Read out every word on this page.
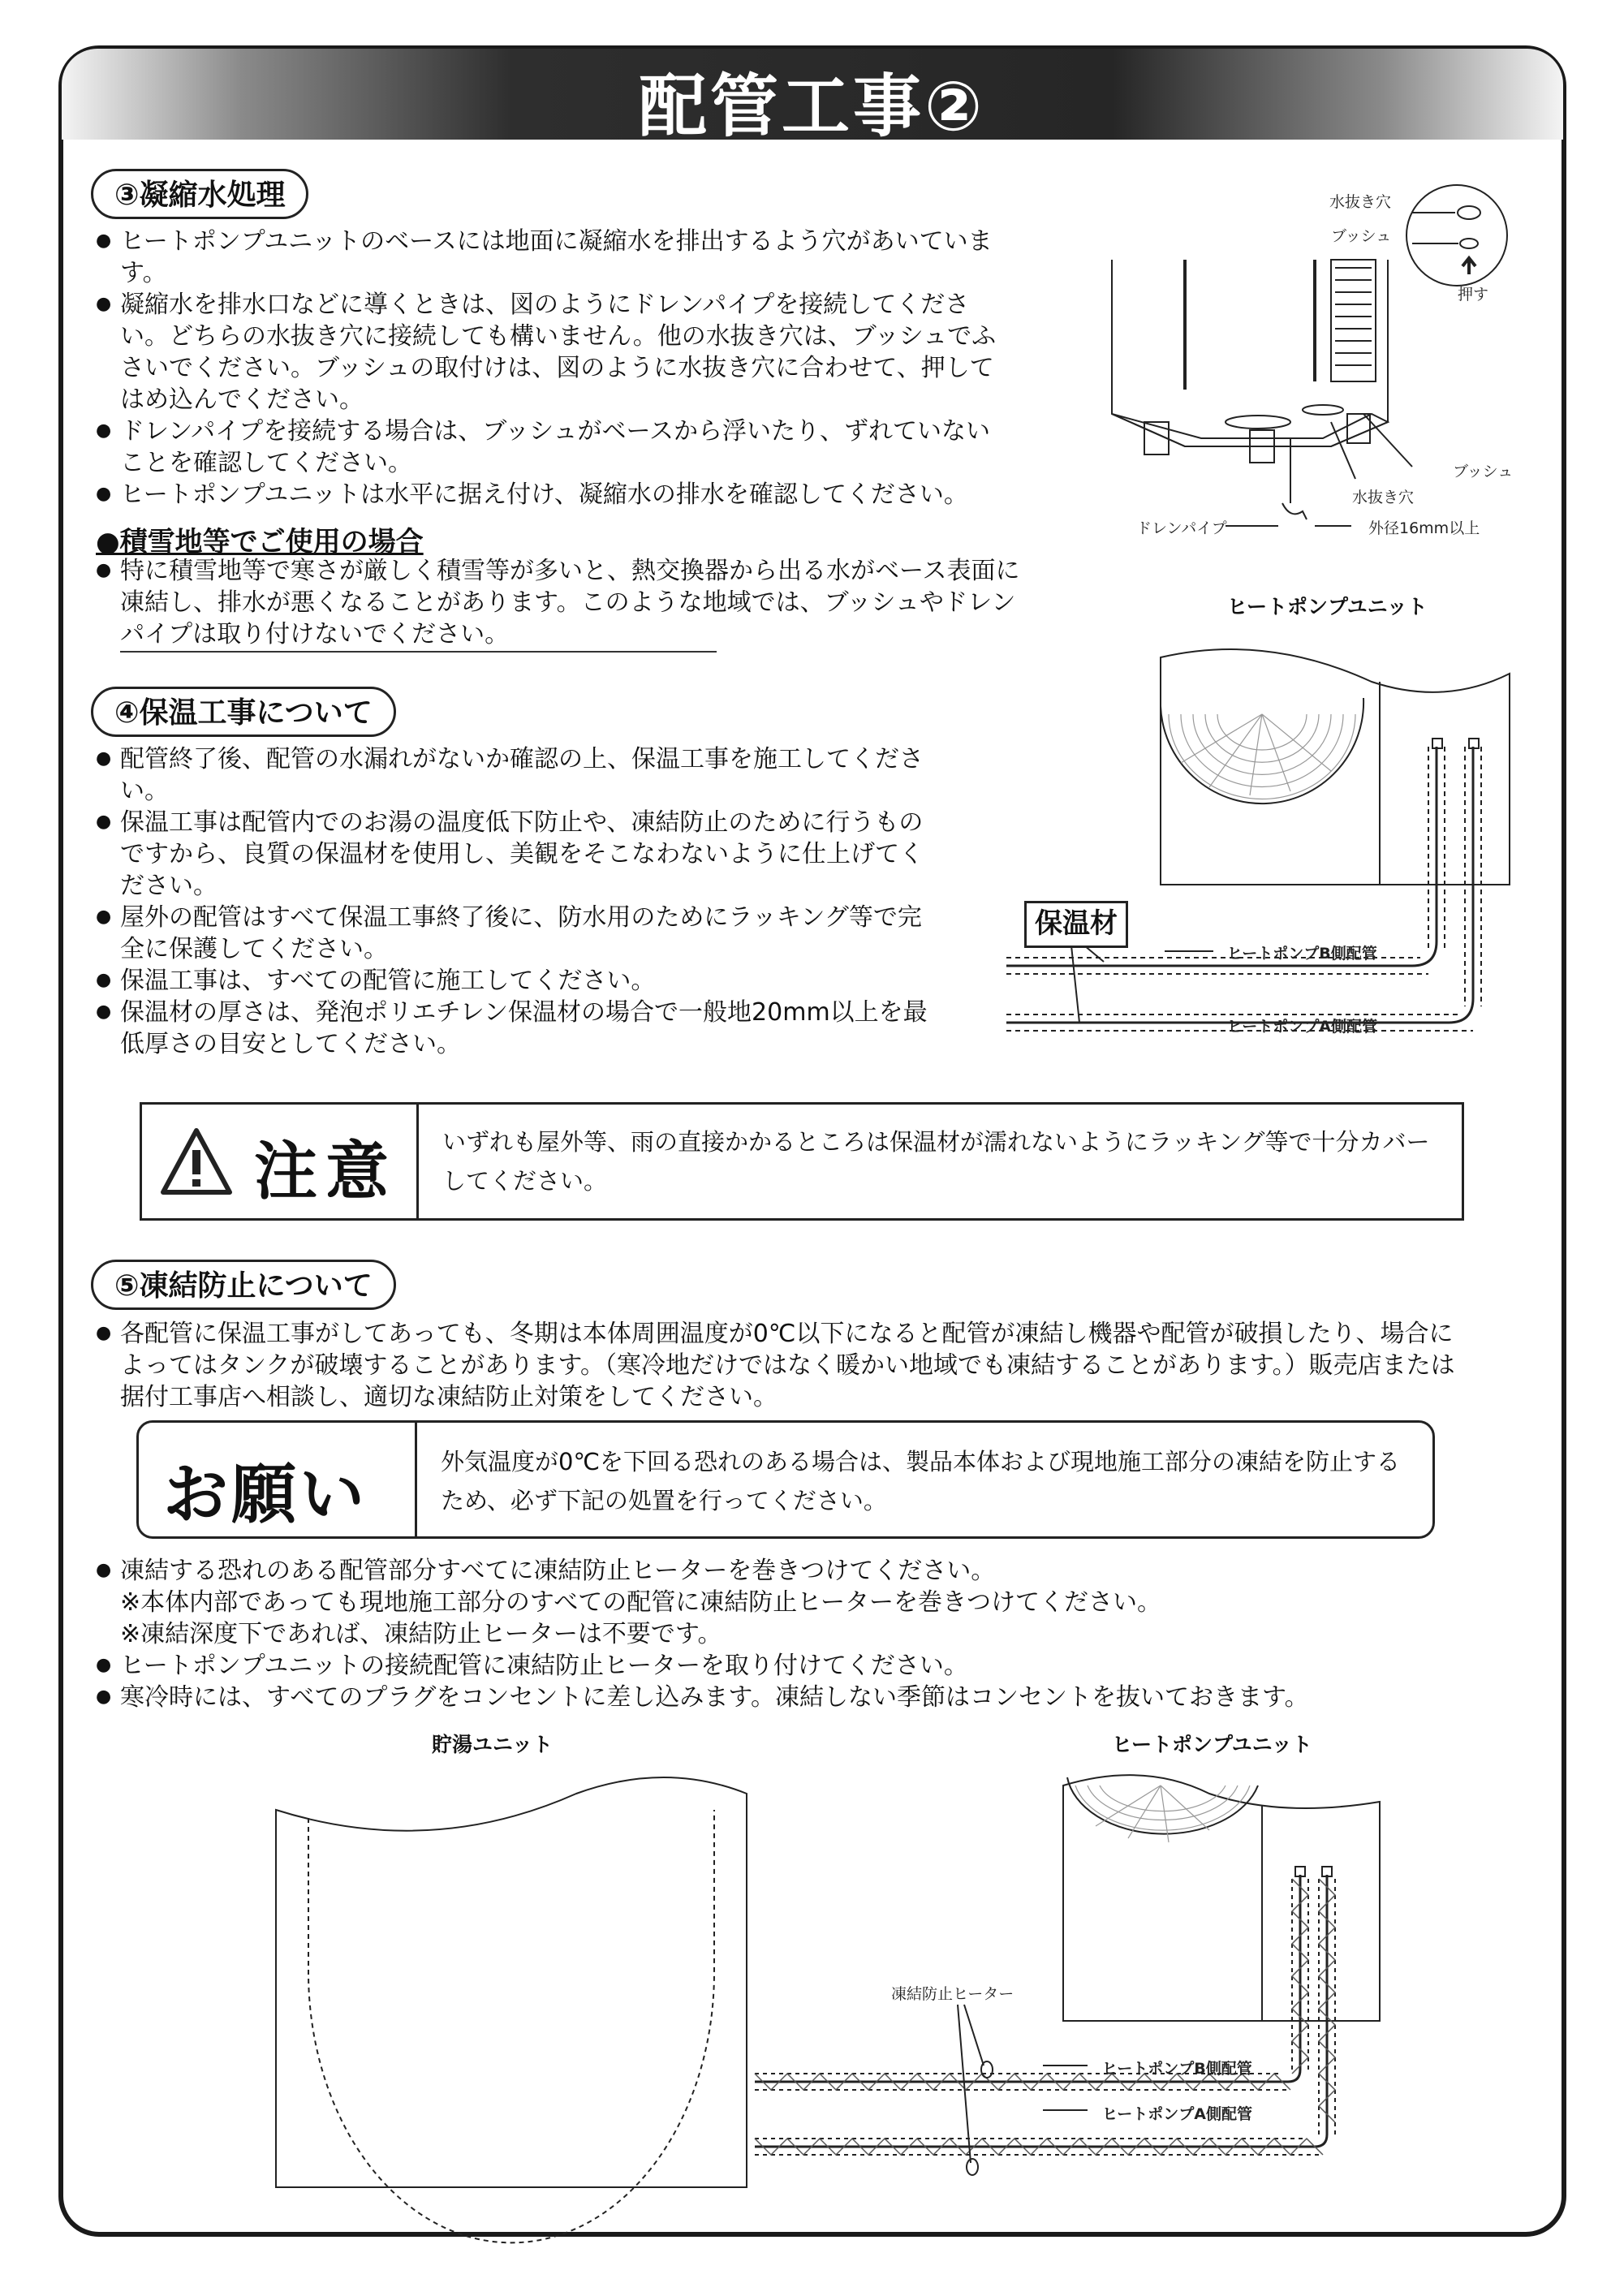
配管工事②
③凝縮水処理
● ヒートポンプユニットのベースには地面に凝縮水を排出するよう穴があいています。
● 凝縮水を排水口などに導くときは、図のようにドレンパイプを接続してください。どちらの水抜き穴に接続しても構いません。他の水抜き穴は、ブッシュでふさいでください。ブッシュの取付けは、図のように水抜き穴に合わせて、押してはめ込んでください。
● ドレンパイプを接続する場合は、ブッシュがベースから浮いたり、ずれていないことを確認してください。
● ヒートポンプユニットは水平に据え付け、凝縮水の排水を確認してください。
●積雪地等でご使用の場合
● 特に積雪地等で寒さが厳しく積雪等が多いと、熱交換器から出る水がベース表面に凍結し、排水が悪くなることがあります。このような地域では、ブッシュやドレンパイプは取り付けないでください。
水抜き穴
ブッシュ
押す
ブッシュ
水抜き穴
ドレンパイプ	外径16mm以上
④保温工事について
● 配管終了後、配管の水漏れがないか確認の上、保温工事を施工してください。
● 保温工事は配管内でのお湯の温度低下防止や、凍結防止のために行うものですから、良質の保温材を使用し、美観をそこなわないように仕上げてください。
● 屋外の配管はすべて保温工事終了後に、防水用のためにラッキング等で完全に保護してください。
● 保温工事は、すべての配管に施工してください。
● 保温材の厚さは、発泡ポリエチレン保温材の場合で一般地20mm以上を最低厚さの目安としてください。
ヒートポンプユニット
保温材
ヒートポンプB側配管
ヒートポンプA側配管
注意 いずれも屋外等、雨の直接かかるところは保温材が濡れないようにラッキング等で十分カバーしてください。
⑤凍結防止について
● 各配管に保温工事がしてあっても、冬期は本体周囲温度が0℃以下になると配管が凍結し機器や配管が破損したり、場合によってはタンクが破壊することがあります。（寒冷地だけではなく暖かい地域でも凍結することがあります。）販売店または据付工事店へ相談し、適切な凍結防止対策をしてください。
お願い	外気温度が0℃を下回る恐れのある場合は、製品本体および現地施工部分の凍結を防止するため、必ず下記の処置を行ってください。
● 凍結する恐れのある配管部分すべてに凍結防止ヒーターを巻きつけてください。
※本体内部であっても現地施工部分のすべての配管に凍結防止ヒーターを巻きつけてください。
※凍結深度下であれば、凍結防止ヒーターは不要です。
● ヒートポンプユニットの接続配管に凍結防止ヒーターを取り付けてください。
● 寒冷時には、すべてのプラグをコンセントに差し込みます。凍結しない季節はコンセントを抜いておきます。
貯湯ユニット	ヒートポンプユニット
凍結防止ヒーター
ヒートポンプB側配管
ヒートポンプA側配管
